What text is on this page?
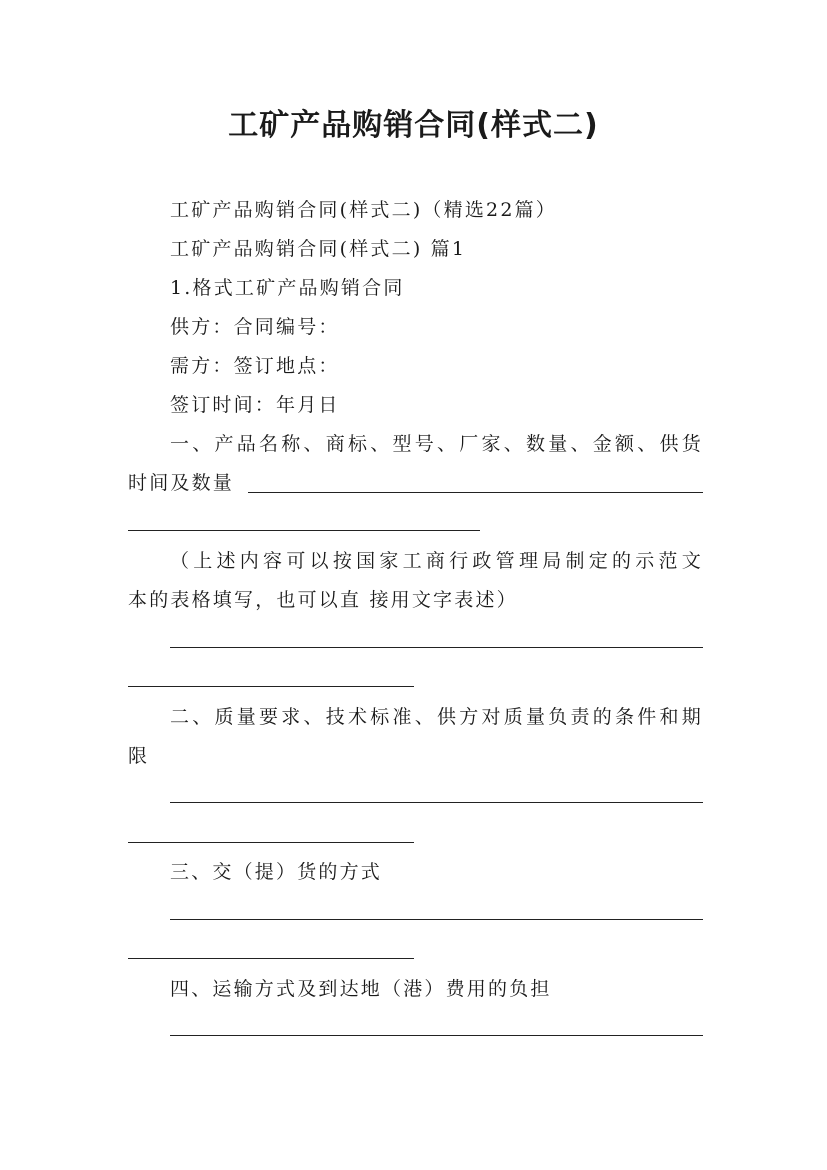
工矿产品购销合同(样式二)
工矿产品购销合同(样式二)（精选22篇）
工矿产品购销合同(样式二) 篇1
1.格式工矿产品购销合同
供方：合同编号：
需方：签订地点：
签订时间：年月日
一、产品名称、商标、型号、厂家、数量、金额、供货
时间及数量
（上述内容可以按国家工商行政管理局制定的示范文
本的表格填写，也可以直 接用文字表述）
二、质量要求、技术标准、供方对质量负责的条件和期
限
三、交（提）货的方式
四、运输方式及到达地（港）费用的负担
